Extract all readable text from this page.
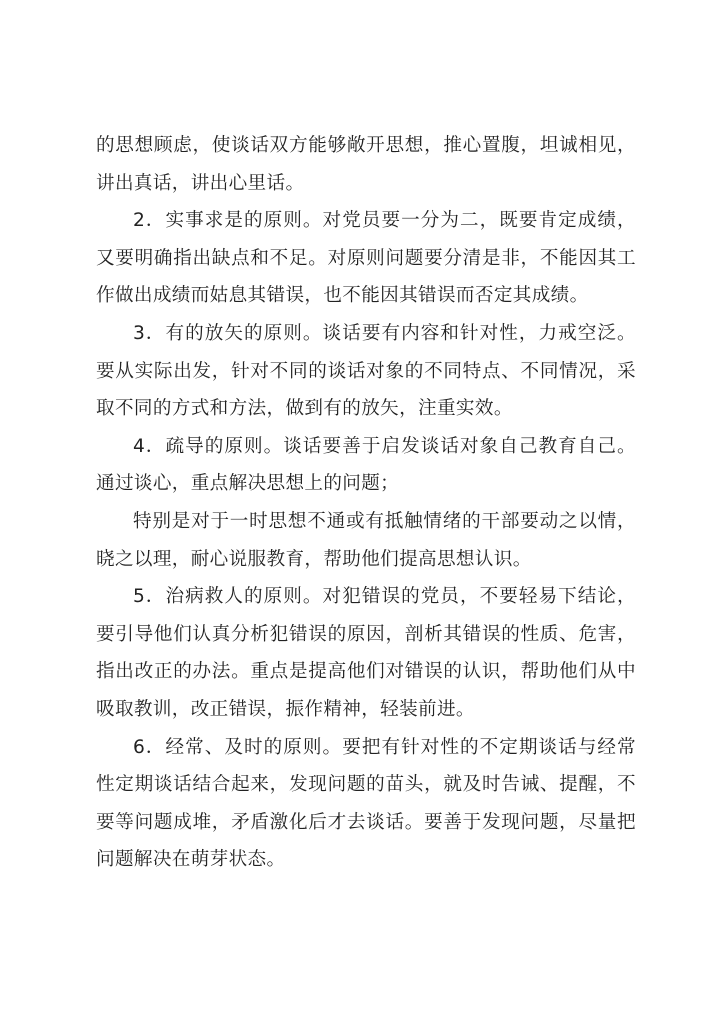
的思想顾虑，使谈话双方能够敞开思想，推心置腹，坦诚相见，讲出真话，讲出心里话。

2．实事求是的原则。对党员要一分为二，既要肯定成绩，又要明确指出缺点和不足。对原则问题要分清是非，不能因其工作做出成绩而姑息其错误，也不能因其错误而否定其成绩。

3．有的放矢的原则。谈话要有内容和针对性，力戒空泛。要从实际出发，针对不同的谈话对象的不同特点、不同情况，采取不同的方式和方法，做到有的放矢，注重实效。

4．疏导的原则。谈话要善于启发谈话对象自己教育自己。通过谈心，重点解决思想上的问题；

特别是对于一时思想不通或有抵触情绪的干部要动之以情，晓之以理，耐心说服教育，帮助他们提高思想认识。

5．治病救人的原则。对犯错误的党员，不要轻易下结论，要引导他们认真分析犯错误的原因，剖析其错误的性质、危害，指出改正的办法。重点是提高他们对错误的认识，帮助他们从中吸取教训，改正错误，振作精神，轻装前进。

6．经常、及时的原则。要把有针对性的不定期谈话与经常性定期谈话结合起来，发现问题的苗头，就及时告诫、提醒，不要等问题成堆，矛盾激化后才去谈话。要善于发现问题，尽量把问题解决在萌芽状态。
